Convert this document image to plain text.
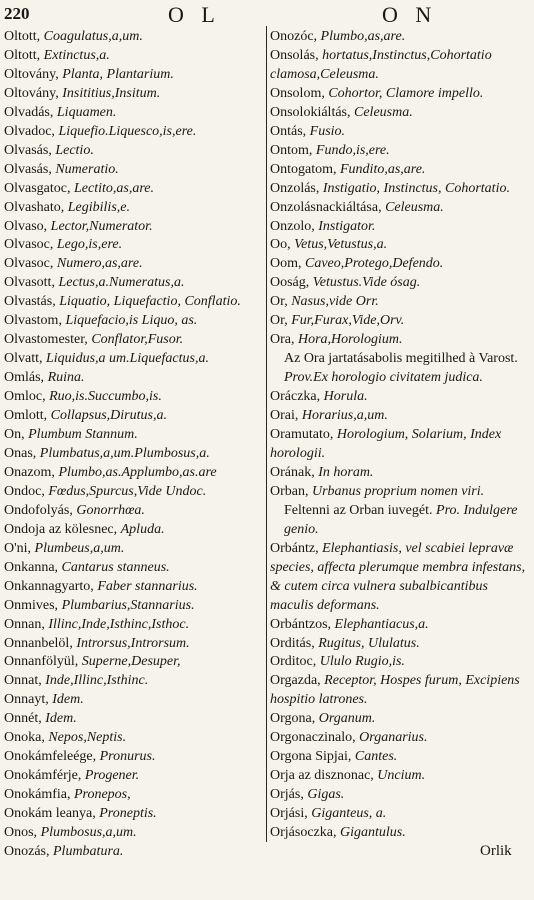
220	O L	O N
Oltott, Coagulatus,a,um.
Oltott, Extinctus,a.
Oltovány, Planta, Plantarium.
Oltovány, Insititius,Insitum.
Olvadás, Liquamen.
Olvadoc, Liquefio.Liquesco,is,ere.
Olvasás, Lectio.
Olvasás, Numeratio.
Olvasgatoc, Lectito,as,are.
Olvashato, Legibilis,e.
Olvaso, Lector,Numerator.
Olvasoc, Lego,is,ere.
Olvasoc, Numero,as,are.
Olvasott, Lectus,a.Numeratus,a.
Olvastás, Liquatio, Liquefactio, Conflatio.
Olvastom, Liquefacio,is Liquo, as.
Olvastomester, Conflator,Fusor.
Olvatt, Liquidus,a um.Liquefactus,a.
Omlás, Ruina.
Omloc, Ruo,is.Succumbo,is.
Omlott, Collapsus,Dirutus,a.
On, Plumbum Stannum.
Onas, Plumbatus,a,um.Plumbosus,a.
Onazom, Plumbo,as.Applumbo,as.are
Ondoc, Fœdus,Spurcus,Vide Undoc.
Ondofolyás, Gonorrhœa.
Ondoja az kölesnec, Apluda.
O'ni, Plumbeus,a,um.
Onkanna, Cantarus stanneus.
Onkannagyarto, Faber stannarius.
Onmives, Plumbarius,Stannarius.
Onnan, Illinc,Inde,Isthinc,Isthoc.
Onnanbelöl, Introrsus,Introrsum.
Onnanfölyül, Superne,Desuper,
Onnat, Inde,Illinc,Isthinc.
Onnayt, Idem.
Onnét, Idem.
Onoka, Nepos,Neptis.
Onokámfeleége, Pronurus.
Onokámférje, Progener.
Onokámfia, Pronepos,
Onokám leanya, Proneptis.
Onos, Plumbosus,a,um.
Onozás, Plumbatura.
Onozóc, Plumbo,as,are.
Onsolás, hortatus,Instinctus,Cohortatio clamosa,Celeusma.
Onsolom, Cohortor, Clamore impello.
Onsolokiáltás, Celeusma.
Ontás, Fusio.
Ontom, Fundo,is,ere.
Ontogatom, Fundito,as,are.
Onzolás, Instigatio, Instinctus, Cohortatio.
Onzolásnackiáltása, Celeusma.
Onzolo, Instigator.
Oo, Vetus,Vetustus,a.
Oom, Caveo,Protego,Defendo.
Ooság, Vetustus.Vide ósag.
Or, Nasus,vide Orr.
Or, Fur,Furax,Vide,Orv.
Ora, Hora,Horologium.
Az Ora jartatásabolis megitilhed à Varost. Prov.Ex horologio civitatem judica.
Oráczka, Horula.
Orai, Horarius,a,um.
Oramutato, Horologium, Solarium, Index horologii.
Orának, In horam.
Orban, Urbanus proprium nomen viri.
Feltenni az Orban iuvegét. Pro. Indulgere genio.
Orbántz, Elephantiasis, vel scabiei lepravæ species, affecta plerumque membra infestans, & cutem circa vulnera subalbicantibus maculis deformans.
Orbántzos, Elephantiacus,a.
Orditás, Rugitus, Ululatus.
Orditoc, Ululo Rugio,is.
Orgazda, Receptor, Hospes furum, Excipiens hospitio latrones.
Orgona, Organum.
Orgonaczinalo, Organarius.
Orgona Sipjai, Cantes.
Orja az disznonac, Uncium.
Orjás, Gigas.
Orjási, Giganteus, a.
Orjásoczka, Gigantulus.
Orlik
